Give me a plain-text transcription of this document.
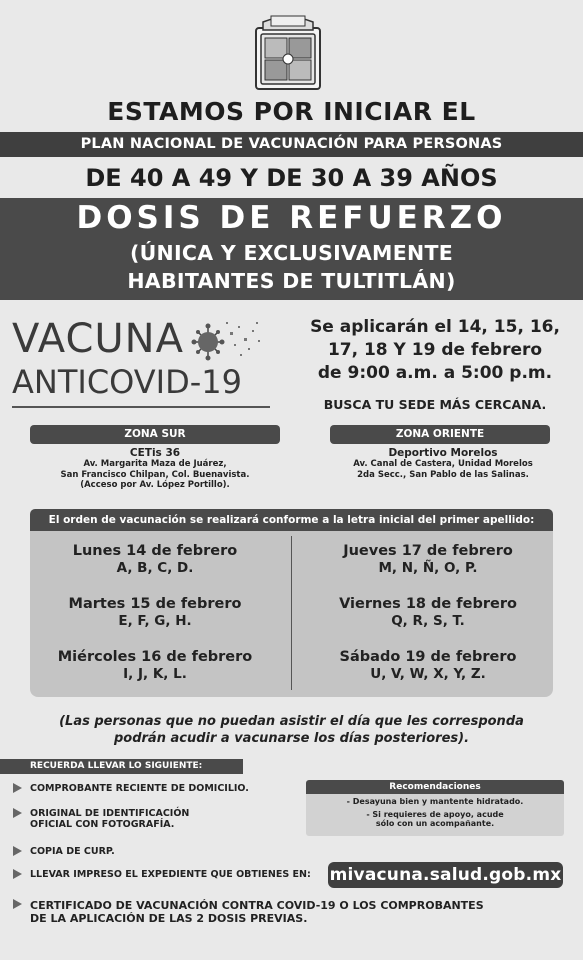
ESTAMOS POR INICIAR EL
PLAN NACIONAL DE VACUNACIÓN PARA PERSONAS
DE 40 A 49 Y DE 30 A 39 AÑOS
DOSIS DE REFUERZO
(ÚNICA Y EXCLUSIVAMENTE
HABITANTES DE TULTITLÁN)
VACUNA
ANTICOVID-19
Se aplicarán el 14, 15, 16,
17, 18 Y 19 de febrero
de 9:00 a.m. a 5:00 p.m.
BUSCA TU SEDE MÁS CERCANA.
ZONA SUR	ZONA ORIENTE
CETis 36
Av. Margarita Maza de Juárez,
San Francisco Chilpan, Col. Buenavista.
(Acceso por Av. López Portillo).
Deportivo Morelos
Av. Canal de Castera, Unidad Morelos
2da Secc., San Pablo de las Salinas.
El orden de vacunación se realizará conforme a la letra inicial del primer apellido:
Lunes 14 de febrero
A, B, C, D.
Martes 15 de febrero
E, F, G, H.
Miércoles 16 de febrero
I, J, K, L.
Jueves 17 de febrero
M, N, Ñ, O, P.
Viernes 18 de febrero
Q, R, S, T.
Sábado 19 de febrero
U, V, W, X, Y, Z.
(Las personas que no puedan asistir el día que les corresponda
podrán acudir a vacunarse los días posteriores).
RECUERDA LLEVAR LO SIGUIENTE:
COMPROBANTE RECIENTE DE DOMICILIO.
ORIGINAL DE IDENTIFICACIÓN
OFICIAL CON FOTOGRAFÍA.
COPIA DE CURP.
LLEVAR IMPRESO EL EXPEDIENTE QUE OBTIENES EN:
CERTIFICADO DE VACUNACIÓN CONTRA COVID-19 O LOS COMPROBANTES
DE LA APLICACIÓN DE LAS 2 DOSIS PREVIAS.
Recomendaciones
- Desayuna bien y mantente hidratado.
- Si requieres de apoyo, acude
sólo con un acompañante.
mivacuna.salud.gob.mx
